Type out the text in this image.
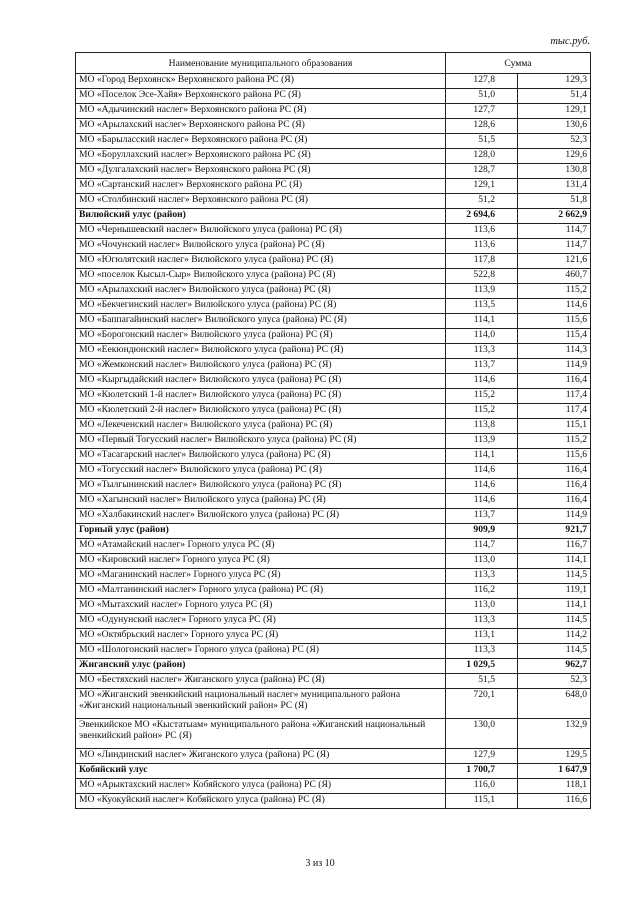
тыс.руб.
Наименование муниципального образования	Сумма	
МО «Город Верхоянск» Верхоянского района РС (Я)	127,8	129,3
МО «Поселок Эсе-Хайя» Верхоянского района РС (Я)	51,0	51,4
МО «Адычинский наслег» Верхоянского района РС (Я)	127,7	129,1
МО «Арылахский наслег» Верхоянского района РС (Я)	128,6	130,6
МО «Барыласский наслег» Верхоянского района РС (Я)	51,5	52,3
МО «Боруллахский наслег» Верхоянского района РС (Я)	128,0	129,6
МО «Дулгалахский наслег» Верхоянского района РС (Я)	128,7	130,8
МО «Сартанский наслег» Верхоянского района РС (Я)	129,1	131,4
МО «Столбинский наслег» Верхоянского района РС (Я)	51,2	51,8
Вилюйский улус (район)	2 694,6	2 662,9
МО «Чернышевский наслег» Вилюйского улуса (района) РС (Я)	113,6	114,7
МО «Чочунский наслег» Вилюйского улуса (района) РС (Я)	113,6	114,7
МО «Югюлятский наслег» Вилюйского улуса (района) РС (Я)	117,8	121,6
МО «поселок Кысыл-Сыр» Вилюйского улуса (района) РС (Я)	522,8	460,7
МО «Арылахский наслег» Вилюйского улуса (района) РС (Я)	113,9	115,2
МО «Бекчегинский наслег» Вилюйского улуса (района) РС (Я)	113,5	114,6
МО «Баппагайинский наслег» Вилюйского улуса (района) РС (Я)	114,1	115,6
МО «Борогонский наслег» Вилюйского улуса (района) РС (Я)	114,0	115,4
МО «Еекюндюнский наслег» Вилюйского улуса (района) РС (Я)	113,3	114,3
МО «Жемконский наслег» Вилюйского улуса (района) РС (Я)	113,7	114,9
МО «Кыргыдайский наслег» Вилюйского улуса (района) РС (Я)	114,6	116,4
МО «Кюлетский 1-й наслег» Вилюйского улуса (района) РС (Я)	115,2	117,4
МО «Кюлетский 2-й наслег» Вилюйского улуса (района) РС (Я)	115,2	117,4
МО «Лекеченский наслег» Вилюйского улуса (района) РС (Я)	113,8	115,1
МО «Первый Тогусский наслег» Вилюйского улуса (района) РС (Я)	113,9	115,2
МО «Тасагарский наслег» Вилюйского улуса (района) РС (Я)	114,1	115,6
МО «Тогусский наслег» Вилюйского улуса (района) РС (Я)	114,6	116,4
МО «Тылгынинский наслег» Вилюйского улуса (района) РС (Я)	114,6	116,4
МО «Хагынский наслег» Вилюйского улуса (района) РС (Я)	114,6	116,4
МО «Халбакинский наслег» Вилюйского улуса (района) РС (Я)	113,7	114,9
Горный улус (район)	909,9	921,7
МО «Атамайский наслег» Горного улуса РС (Я)	114,7	116,7
МО «Кировский наслег» Горного улуса РС (Я)	113,0	114,1
МО «Маганинский наслег» Горного улуса РС (Я)	113,3	114,5
МО «Малтанинский наслег» Горного улуса (района) РС (Я)	116,2	119,1
МО «Мытахский наслег» Горного улуса РС (Я)	113,0	114,1
МО «Одунунский наслег» Горного улуса РС (Я)	113,3	114,5
МО «Октябрьский наслег» Горного улуса РС (Я)	113,1	114,2
МО «Шологонский наслег» Горного улуса (района) РС (Я)	113,3	114,5
Жиганский улус (район)	1 029,5	962,7
МО «Бестяхский наслег» Жиганского улуса (района) РС (Я)	51,5	52,3
МО «Жиганский эвенкийский национальный наслег» муниципального района «Жиганский национальный эвенкийский район» РС (Я)	720,1	648,0
Эвенкийское МО «Кыстатыам» муниципального района «Жиганский национальный эвенкийский район» РС (Я)	130,0	132,9
МО «Линдинский наслег» Жиганского улуса (района) РС (Я)	127,9	129,5
Кобяйский улус	1 700,7	1 647,9
МО «Арыктахский наслег» Кобяйского улуса (района) РС (Я)	116,0	118,1
МО «Куокуйский наслег» Кобяйского улуса (района) РС (Я)	115,1	116,6
3 из 10
